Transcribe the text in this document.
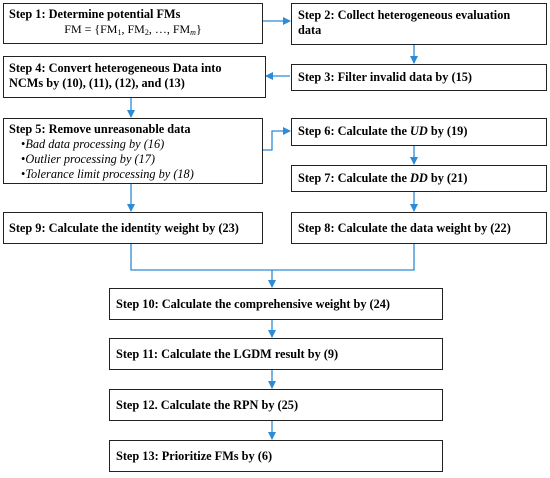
Step 1: Determine potential FMs
FM = {$FM_1$, $FM_2$, …, $FM_m$}
Step 2: Collect heterogeneous evaluation
data
Step 3: Filter invalid data by (15)
Step 4: Convert heterogeneous Data into
NCMs by (10), (11), (12), and (13)
Step 5: Remove unreasonable data
•Bad data processing by (16)
•Outlier processing by (17)
•Tolerance limit processing by (18)
Step 6: Calculate the UD by (19)
Step 7: Calculate the DD by (21)
Step 8: Calculate the data weight by (22)
Step 9: Calculate the identity weight by (23)
Step 10: Calculate the comprehensive weight by (24)
Step 11: Calculate the LGDM result by (9)
Step 12. Calculate the RPN by (25)
Step 13: Prioritize FMs by (6)
